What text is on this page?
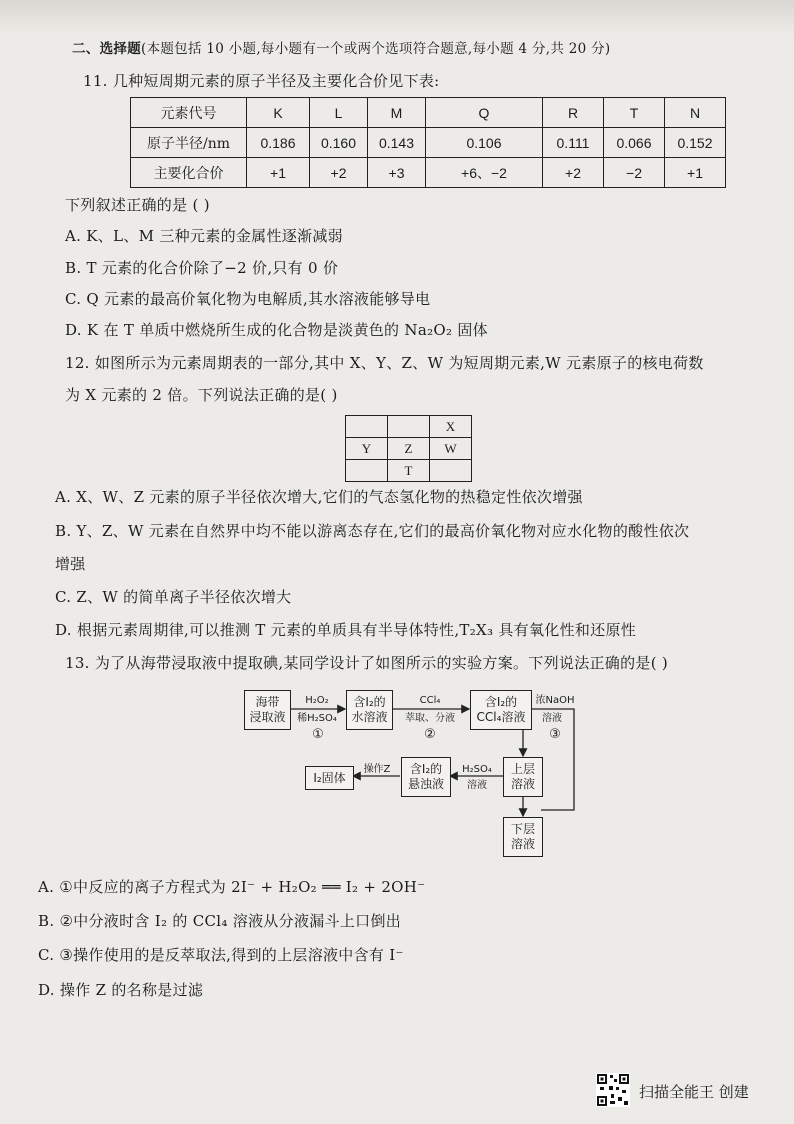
二、选择题(本题包括 10 小题,每小题有一个或两个选项符合题意,每小题 4 分,共 20 分)
11. 几种短周期元素的原子半径及主要化合价见下表:
元素代号	K	L	M	Q	R	T	N
原子半径/nm	0.186	0.160	0.143	0.106	0.111	0.066	0.152
主要化合价	+1	+2	+3	+6、−2	+2	−2	+1
下列叙述正确的是 ( )
A. K、L、M 三种元素的金属性逐渐减弱
B. T 元素的化合价除了−2 价,只有 0 价
C. Q 元素的最高价氧化物为电解质,其水溶液能够导电
D. K 在 T 单质中燃烧所生成的化合物是淡黄色的 Na₂O₂ 固体
12. 如图所示为元素周期表的一部分,其中 X、Y、Z、W 为短周期元素,W 元素原子的核电荷数
为 X 元素的 2 倍。下列说法正确的是( )
		X
Y	Z	W
	T	
A. X、W、Z 元素的原子半径依次增大,它们的气态氢化物的热稳定性依次增强
B. Y、Z、W 元素在自然界中均不能以游离态存在,它们的最高价氧化物对应水化物的酸性依次
增强
C. Z、W 的简单离子半径依次增大
D. 根据元素周期律,可以推测 T 元素的单质具有半导体特性,T₂X₃ 具有氧化性和还原性
13. 为了从海带浸取液中提取碘,某同学设计了如图所示的实验方案。下列说法正确的是( )
海带
浸取液
含I₂的
水溶液
含I₂的
CCl₄溶液
上层
溶液
下层
溶液
含I₂的
悬浊液
I₂固体
H₂O₂
稀H₂SO₄
①
CCl₄
萃取、分液
②
浓NaOH
溶液
③
H₂SO₄
溶液
操作Z
A. ①中反应的离子方程式为 2I⁻ + H₂O₂ ══ I₂ + 2OH⁻
B. ②中分液时含 I₂ 的 CCl₄ 溶液从分液漏斗上口倒出
C. ③操作使用的是反萃取法,得到的上层溶液中含有 I⁻
D. 操作 Z 的名称是过滤
扫描全能王 创建
